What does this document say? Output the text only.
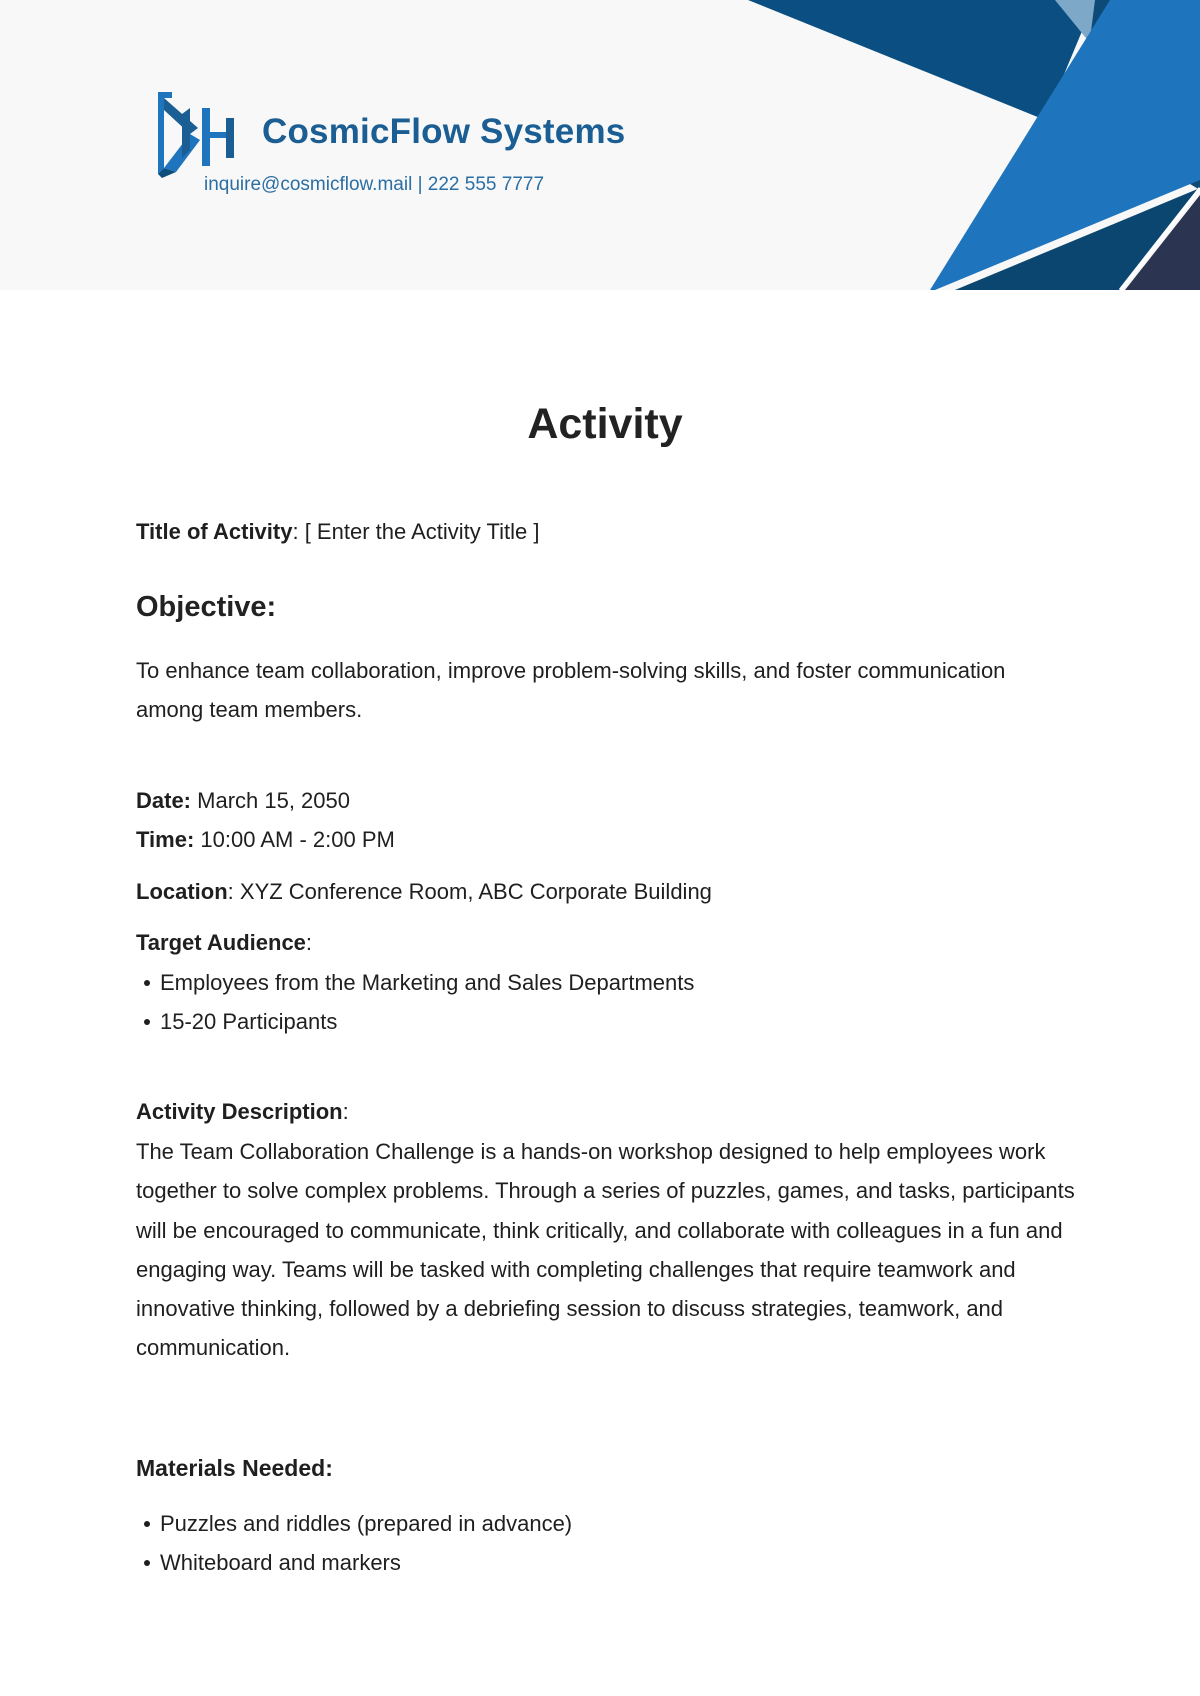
CosmicFlow Systems
inquire@cosmicflow.mail | 222 555 7777
Activity
Title of Activity: [ Enter the Activity Title ]
Objective:
To enhance team collaboration, improve problem-solving skills, and foster communication among team members.
Date: March 15, 2050
Time: 10:00 AM - 2:00 PM
Location: XYZ Conference Room, ABC Corporate Building
Target Audience:
Employees from the Marketing and Sales Departments
15-20 Participants
Activity Description:
The Team Collaboration Challenge is a hands-on workshop designed to help employees work together to solve complex problems. Through a series of puzzles, games, and tasks, participants will be encouraged to communicate, think critically, and collaborate with colleagues in a fun and engaging way. Teams will be tasked with completing challenges that require teamwork and innovative thinking, followed by a debriefing session to discuss strategies, teamwork, and communication.
Materials Needed:
Puzzles and riddles (prepared in advance)
Whiteboard and markers
